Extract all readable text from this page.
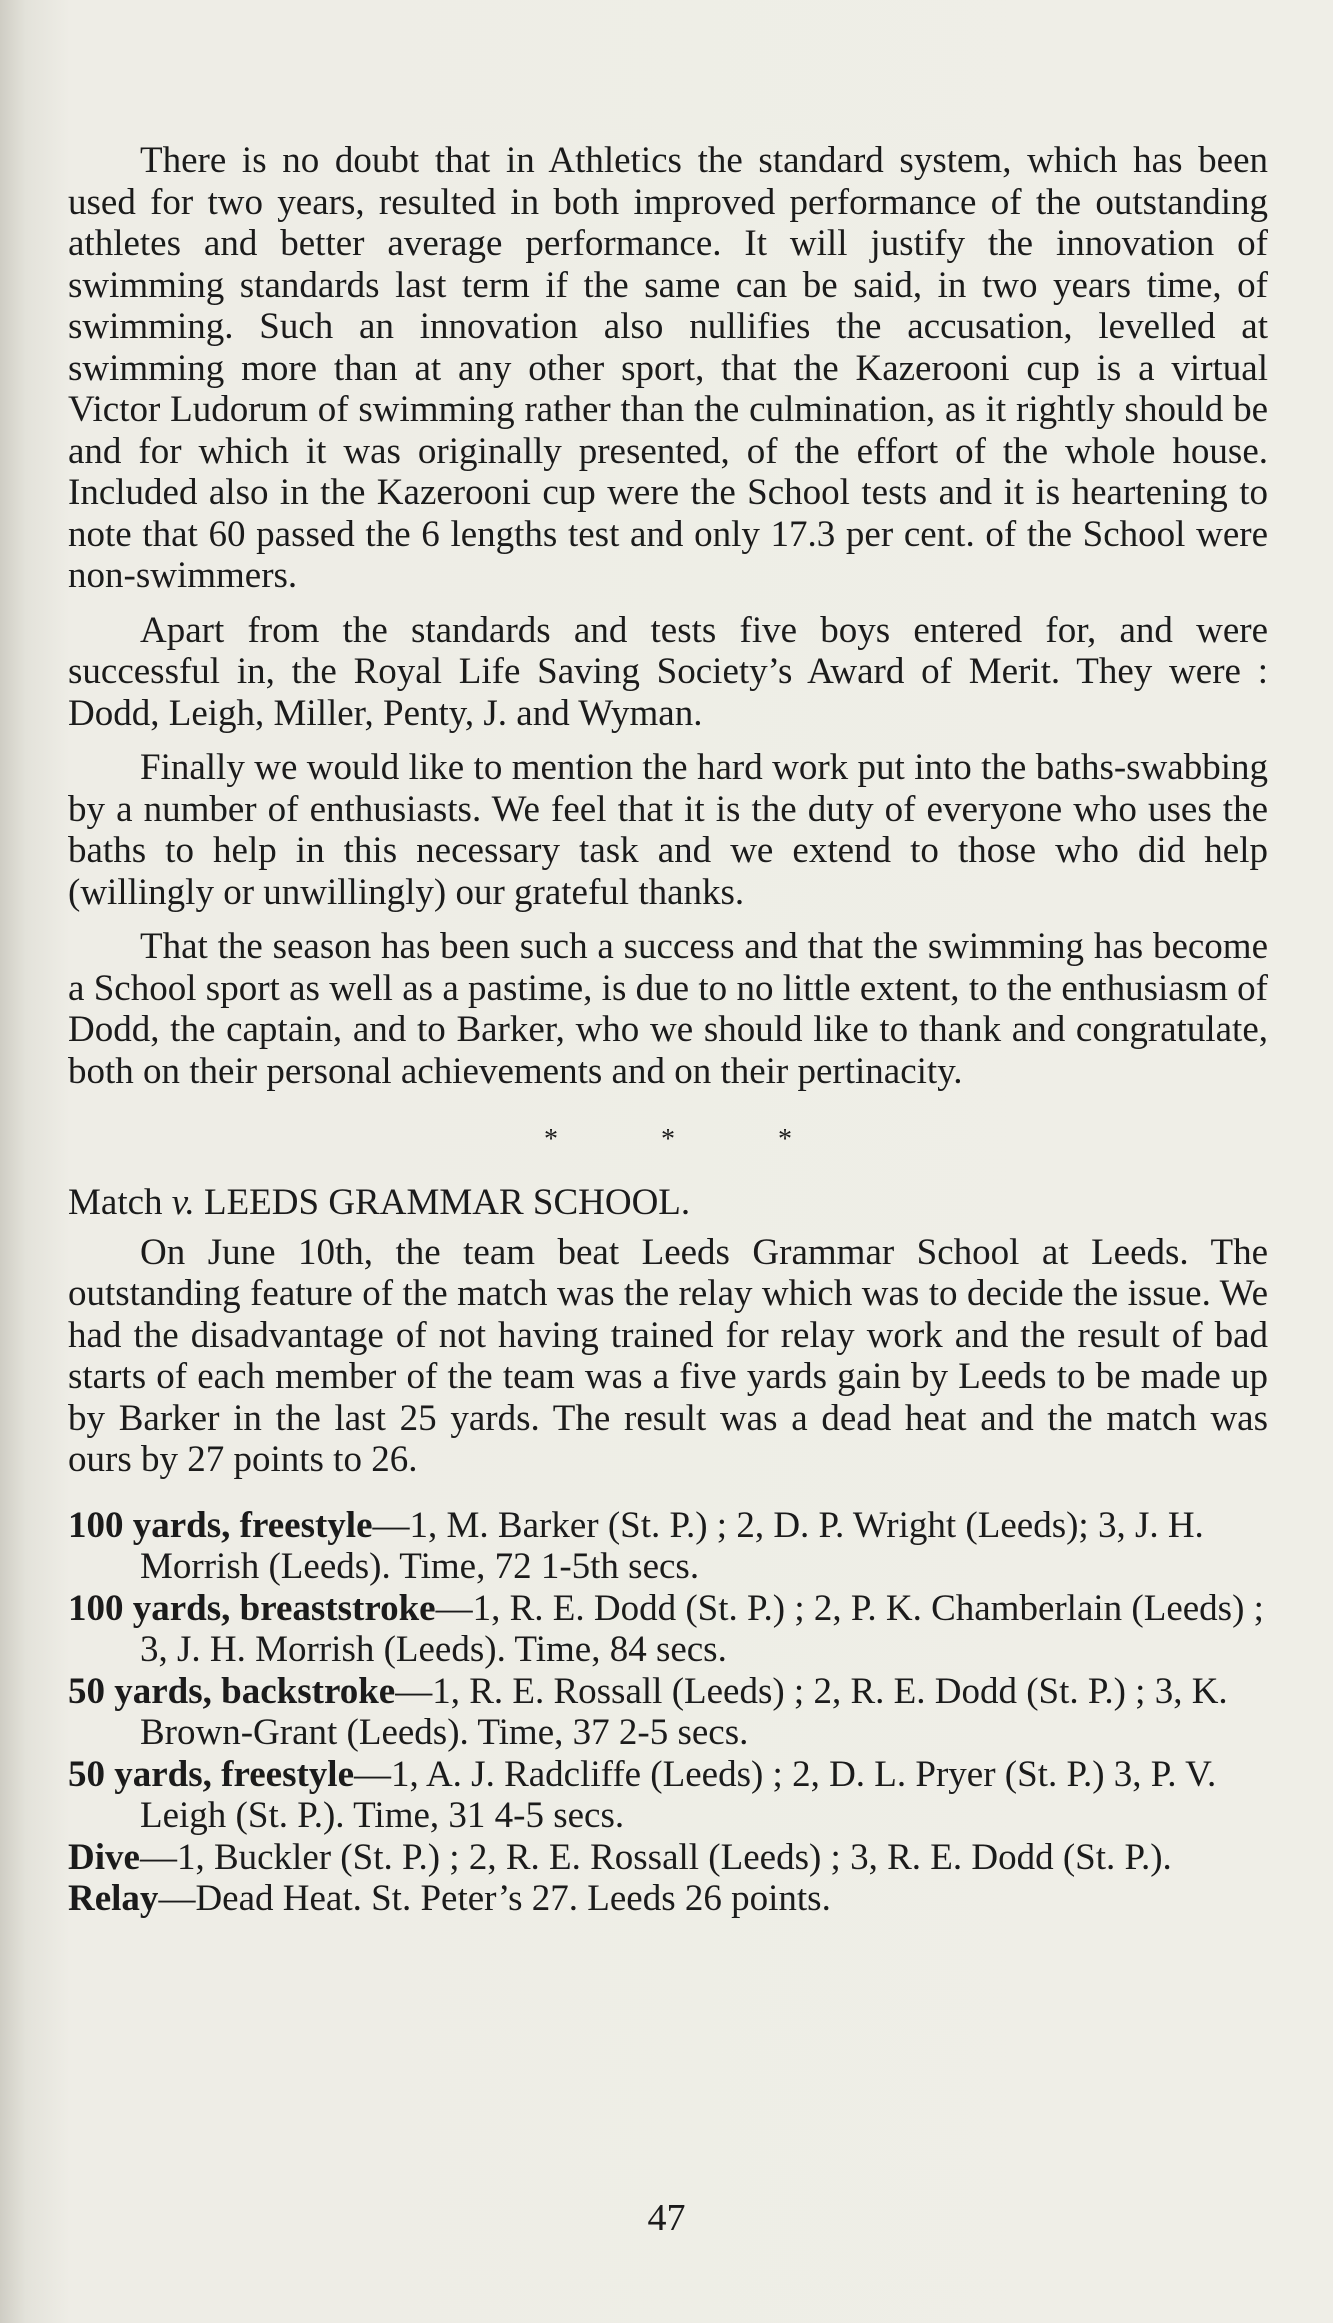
There is no doubt that in Athletics the standard system, which has been used for two years, resulted in both improved performance of the outstanding athletes and better average performance. It will justify the innovation of swimming standards last term if the same can be said, in two years time, of swimming. Such an innovation also nullifies the accusation, levelled at swimming more than at any other sport, that the Kazerooni cup is a virtual Victor Ludorum of swimming rather than the culmination, as it rightly should be and for which it was originally presented, of the effort of the whole house. Included also in the Kazerooni cup were the School tests and it is heartening to note that 60 passed the 6 lengths test and only 17.3 per cent. of the School were non-swimmers.

Apart from the standards and tests five boys entered for, and were successful in, the Royal Life Saving Society’s Award of Merit. They were : Dodd, Leigh, Miller, Penty, J. and Wyman.

Finally we would like to mention the hard work put into the baths-swabbing by a number of enthusiasts. We feel that it is the duty of everyone who uses the baths to help in this necessary task and we extend to those who did help (willingly or unwillingly) our grateful thanks.

That the season has been such a success and that the swimming has become a School sport as well as a pastime, is due to no little extent, to the enthusiasm of Dodd, the captain, and to Barker, who we should like to thank and congratulate, both on their personal achievements and on their pertinacity.

* * *

Match v. LEEDS GRAMMAR SCHOOL.

On June 10th, the team beat Leeds Grammar School at Leeds. The outstanding feature of the match was the relay which was to decide the issue. We had the disadvantage of not having trained for relay work and the result of bad starts of each member of the team was a five yards gain by Leeds to be made up by Barker in the last 25 yards. The result was a dead heat and the match was ours by 27 points to 26.

100 yards, freestyle—1, M. Barker (St. P.) ; 2, D. P. Wright (Leeds); 3, J. H. Morrish (Leeds). Time, 72 1-5th secs.

100 yards, breaststroke—1, R. E. Dodd (St. P.) ; 2, P. K. Chamberlain (Leeds) ; 3, J. H. Morrish (Leeds). Time, 84 secs.

50 yards, backstroke—1, R. E. Rossall (Leeds) ; 2, R. E. Dodd (St. P.) ; 3, K. Brown-Grant (Leeds). Time, 37 2-5 secs.

50 yards, freestyle—1, A. J. Radcliffe (Leeds) ; 2, D. L. Pryer (St. P.) 3, P. V. Leigh (St. P.). Time, 31 4-5 secs.

Dive—1, Buckler (St. P.) ; 2, R. E. Rossall (Leeds) ; 3, R. E. Dodd (St. P.).

Relay—Dead Heat. St. Peter’s 27. Leeds 26 points.

47
